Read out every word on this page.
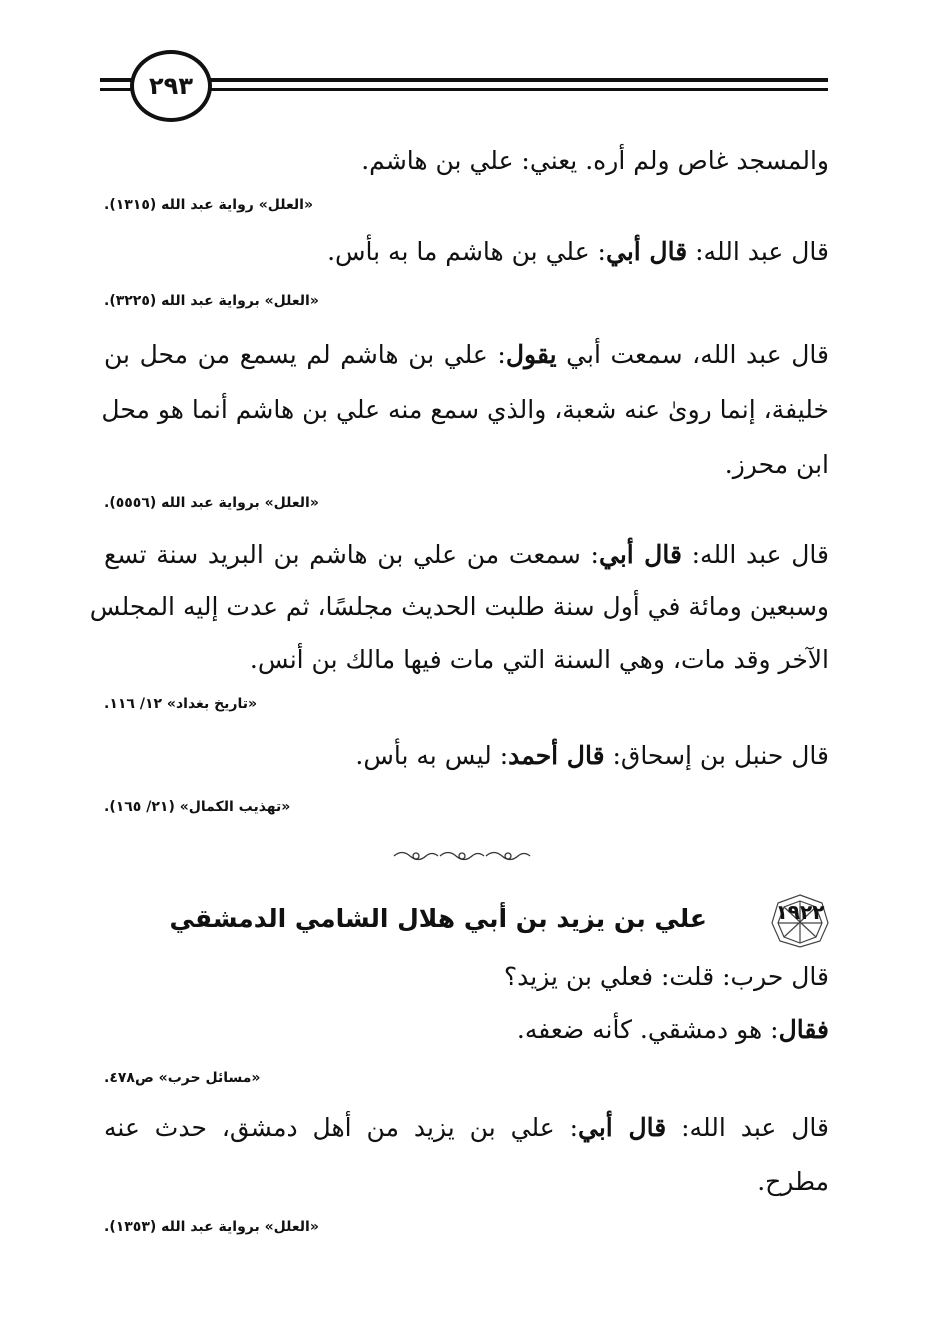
٢٩٣
والمسجد غاص ولم أره. يعني: علي بن هاشم.
«العلل» رواية عبد الله (١٣١٥).
قال عبد الله: قال أبي: علي بن هاشم ما به بأس.
«العلل» برواية عبد الله (٣٢٢٥).
قال عبد الله، سمعت أبي يقول: علي بن هاشم لم يسمع من محل بن
خليفة، إنما روىٰ عنه شعبة، والذي سمع منه علي بن هاشم أنما هو محل
ابن محرز.
«العلل» برواية عبد الله (٥٥٥٦).
قال عبد الله: قال أبي: سمعت من علي بن هاشم بن البريد سنة تسع
وسبعين ومائة في أول سنة طلبت الحديث مجلسًا، ثم عدت إليه المجلس
الآخر وقد مات، وهي السنة التي مات فيها مالك بن أنس.
«تاريخ بغداد» ١٢/ ١١٦.
قال حنبل بن إسحاق: قال أحمد: ليس به بأس.
«تهذيب الكمال» (٢١/ ١٦٥).
١٩٢٢
علي بن يزيد بن أبي هلال الشامي الدمشقي
قال حرب: قلت: فعلي بن يزيد؟
فقال: هو دمشقي. كأنه ضعفه.
«مسائل حرب» ص٤٧٨.
قال عبد الله: قال أبي: علي بن يزيد من أهل دمشق، حدث عنه
مطرح.
«العلل» برواية عبد الله (١٣٥٣).
